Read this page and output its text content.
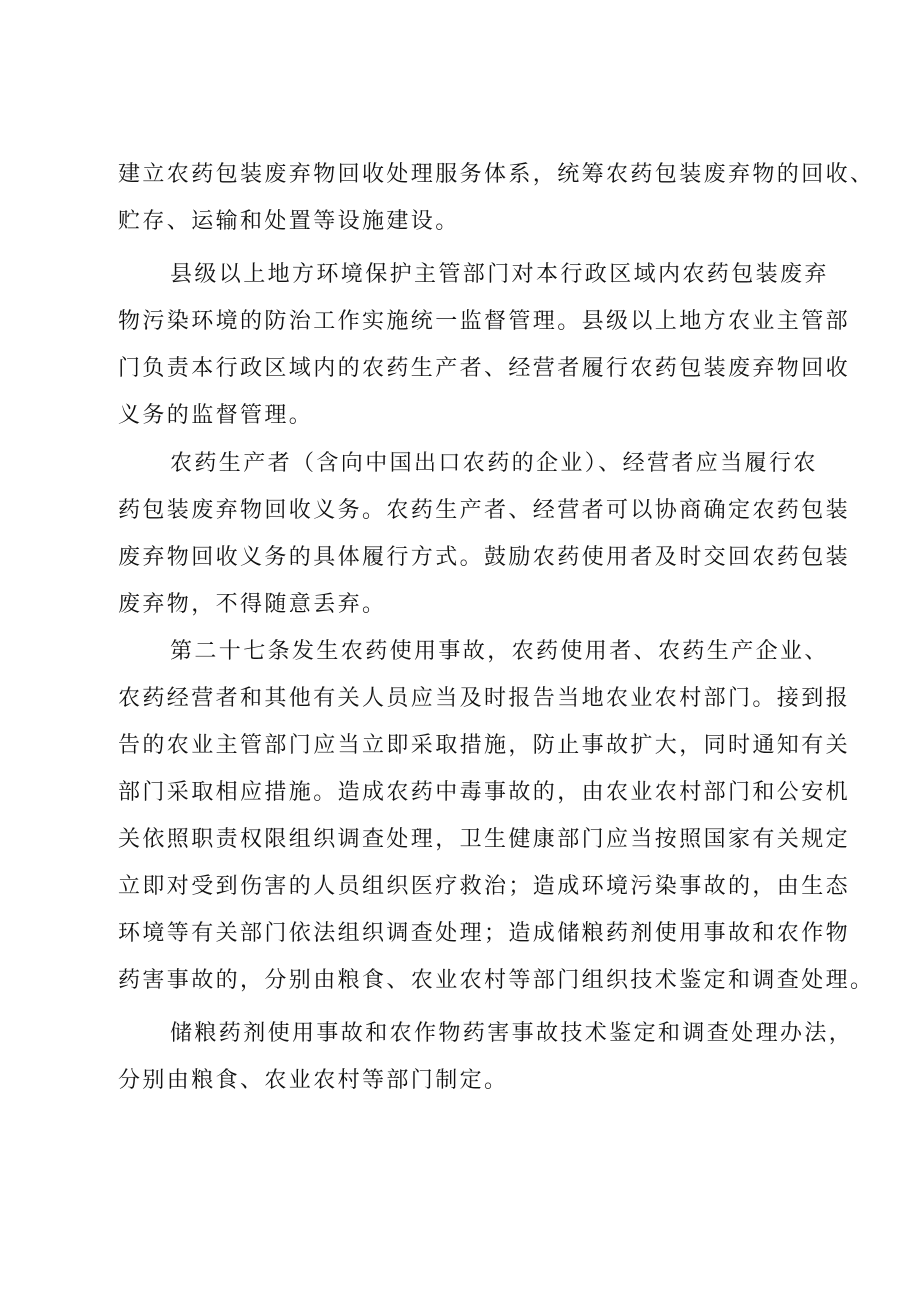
建立农药包装废弃物回收处理服务体系，统筹农药包装废弃物的回收、
贮存、运输和处置等设施建设。
县级以上地方环境保护主管部门对本行政区域内农药包装废弃
物污染环境的防治工作实施统一监督管理。县级以上地方农业主管部
门负责本行政区域内的农药生产者、经营者履行农药包装废弃物回收
义务的监督管理。
农药生产者（含向中国出口农药的企业）、经营者应当履行农
药包装废弃物回收义务。农药生产者、经营者可以协商确定农药包装
废弃物回收义务的具体履行方式。鼓励农药使用者及时交回农药包装
废弃物，不得随意丢弃。
第二十七条发生农药使用事故，农药使用者、农药生产企业、
农药经营者和其他有关人员应当及时报告当地农业农村部门。接到报
告的农业主管部门应当立即采取措施，防止事故扩大，同时通知有关
部门采取相应措施。造成农药中毒事故的，由农业农村部门和公安机
关依照职责权限组织调查处理，卫生健康部门应当按照国家有关规定
立即对受到伤害的人员组织医疗救治；造成环境污染事故的，由生态
环境等有关部门依法组织调查处理；造成储粮药剂使用事故和农作物
药害事故的，分别由粮食、农业农村等部门组织技术鉴定和调查处理。
储粮药剂使用事故和农作物药害事故技术鉴定和调查处理办法，
分别由粮食、农业农村等部门制定。
